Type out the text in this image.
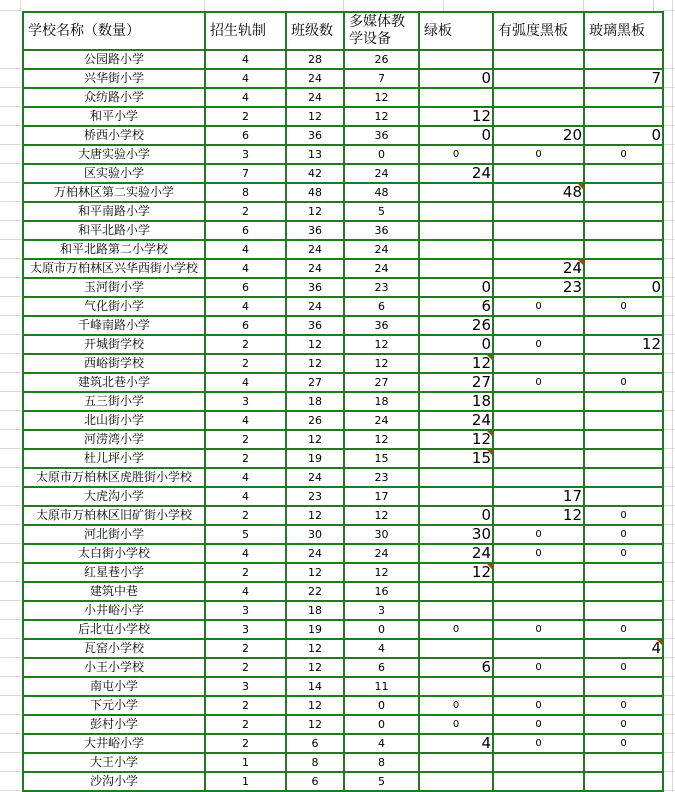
学校名称（数量）	招生轨制	班级数	多媒体教学设备	绿板	有弧度黑板	玻璃黑板
公园路小学	4	28	26			
兴华街小学	4	24	7	0		7
众纺路小学	4	24	12			
和平小学	2	12	12	12		
桥西小学校	6	36	36	0	20	0
大唐实验小学	3	13	0	0	0	0
区实验小学	7	42	24	24		
万柏林区第二实验小学	8	48	48		48

和平南路小学	2	12	5			
和平北路小学	6	36	36			
和平北路第二小学校	4	24	24			
太原市万柏林区兴华西街小学校	4	24	24		24

玉河街小学	6	36	23	0	23	0
气化街小学	4	24	6	6	0	0
千峰南路小学	6	36	36	26		
开城街学校	2	12	12	0	0	12
西峪街学校	2	12	12	12

建筑北巷小学	4	27	27	27	0	0
五三街小学	3	18	18	18		
北山街小学	4	26	24	24		
河涝湾小学	2	12	12	12

杜儿坪小学	2	19	15	15

太原市万柏林区虎胜街小学校	4	24	23			
大虎沟小学	4	23	17		17	
太原市万柏林区旧矿街小学校	2	12	12	0	12	0
河北街小学	5	30	30	30	0	0
太白街小学校	4	24	24	24	0	0
红星巷小学	2	12	12	12

建筑中巷	4	22	16			
小井峪小学	3	18	3			
后北屯小学校	3	19	0	0	0	0
瓦窑小学校	2	12	4			4

小王小学校	2	12	6	6	0	0
南屯小学	3	14	11			
下元小学	2	12	0	0	0	0
彭村小学	2	12	0	0	0	0
大井峪小学	2	6	4	4	0	0
大王小学	1	8	8			
沙沟小学	1	6	5			
